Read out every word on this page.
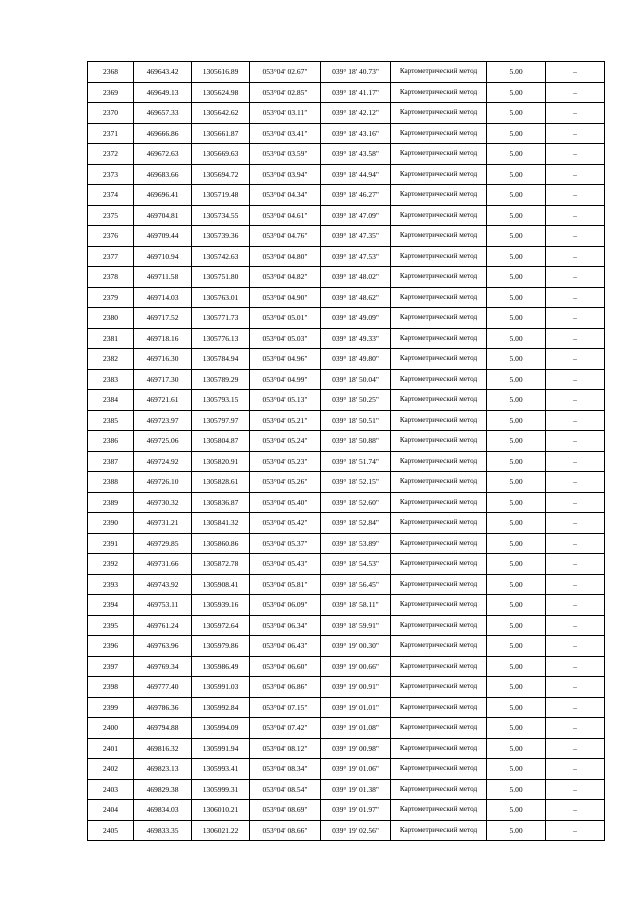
2368	469643.42	1305616.89	053°04' 02.67"	039° 18' 40.73"	Картометрический метод	5.00	–
2369	469649.13	1305624.98	053°04' 02.85"	039° 18' 41.17"	Картометрический метод	5.00	–
2370	469657.33	1305642.62	053°04' 03.11"	039° 18' 42.12"	Картометрический метод	5.00	–
2371	469666.86	1305661.87	053°04' 03.41"	039° 18' 43.16"	Картометрический метод	5.00	–
2372	469672.63	1305669.63	053°04' 03.59"	039° 18' 43.58"	Картометрический метод	5.00	–
2373	469683.66	1305694.72	053°04' 03.94"	039° 18' 44.94"	Картометрический метод	5.00	–
2374	469696.41	1305719.48	053°04' 04.34"	039° 18' 46.27"	Картометрический метод	5.00	–
2375	469704.81	1305734.55	053°04' 04.61"	039° 18' 47.09"	Картометрический метод	5.00	–
2376	469709.44	1305739.36	053°04' 04.76"	039° 18' 47.35"	Картометрический метод	5.00	–
2377	469710.94	1305742.63	053°04' 04.80"	039° 18' 47.53"	Картометрический метод	5.00	–
2378	469711.58	1305751.80	053°04' 04.82"	039° 18' 48.02"	Картометрический метод	5.00	–
2379	469714.03	1305763.01	053°04' 04.90"	039° 18' 48.62"	Картометрический метод	5.00	–
2380	469717.52	1305771.73	053°04' 05.01"	039° 18' 49.09"	Картометрический метод	5.00	–
2381	469718.16	1305776.13	053°04' 05.03"	039° 18' 49.33"	Картометрический метод	5.00	–
2382	469716.30	1305784.94	053°04' 04.96"	039° 18' 49.80"	Картометрический метод	5.00	–
2383	469717.30	1305789.29	053°04' 04.99"	039° 18' 50.04"	Картометрический метод	5.00	–
2384	469721.61	1305793.15	053°04' 05.13"	039° 18' 50.25"	Картометрический метод	5.00	–
2385	469723.97	1305797.97	053°04' 05.21"	039° 18' 50.51"	Картометрический метод	5.00	–
2386	469725.06	1305804.87	053°04' 05.24"	039° 18' 50.88"	Картометрический метод	5.00	–
2387	469724.92	1305820.91	053°04' 05.23"	039° 18' 51.74"	Картометрический метод	5.00	–
2388	469726.10	1305828.61	053°04' 05.26"	039° 18' 52.15"	Картометрический метод	5.00	–
2389	469730.32	1305836.87	053°04' 05.40"	039° 18' 52.60"	Картометрический метод	5.00	–
2390	469731.21	1305841.32	053°04' 05.42"	039° 18' 52.84"	Картометрический метод	5.00	–
2391	469729.85	1305860.86	053°04' 05.37"	039° 18' 53.89"	Картометрический метод	5.00	–
2392	469731.66	1305872.78	053°04' 05.43"	039° 18' 54.53"	Картометрический метод	5.00	–
2393	469743.92	1305908.41	053°04' 05.81"	039° 18' 56.45"	Картометрический метод	5.00	–
2394	469753.11	1305939.16	053°04' 06.09"	039° 18' 58.11"	Картометрический метод	5.00	–
2395	469761.24	1305972.64	053°04' 06.34"	039° 18' 59.91"	Картометрический метод	5.00	–
2396	469763.96	1305979.86	053°04' 06.43"	039° 19' 00.30"	Картометрический метод	5.00	–
2397	469769.34	1305986.49	053°04' 06.60"	039° 19' 00.66"	Картометрический метод	5.00	–
2398	469777.40	1305991.03	053°04' 06.86"	039° 19' 00.91"	Картометрический метод	5.00	–
2399	469786.36	1305992.84	053°04' 07.15"	039° 19' 01.01"	Картометрический метод	5.00	–
2400	469794.88	1305994.09	053°04' 07.42"	039° 19' 01.08"	Картометрический метод	5.00	–
2401	469816.32	1305991.94	053°04' 08.12"	039° 19' 00.98"	Картометрический метод	5.00	–
2402	469823.13	1305993.41	053°04' 08.34"	039° 19' 01.06"	Картометрический метод	5.00	–
2403	469829.38	1305999.31	053°04' 08.54"	039° 19' 01.38"	Картометрический метод	5.00	–
2404	469834.03	1306010.21	053°04' 08.69"	039° 19' 01.97"	Картометрический метод	5.00	–
2405	469833.35	1306021.22	053°04' 08.66"	039° 19' 02.56"	Картометрический метод	5.00	–
